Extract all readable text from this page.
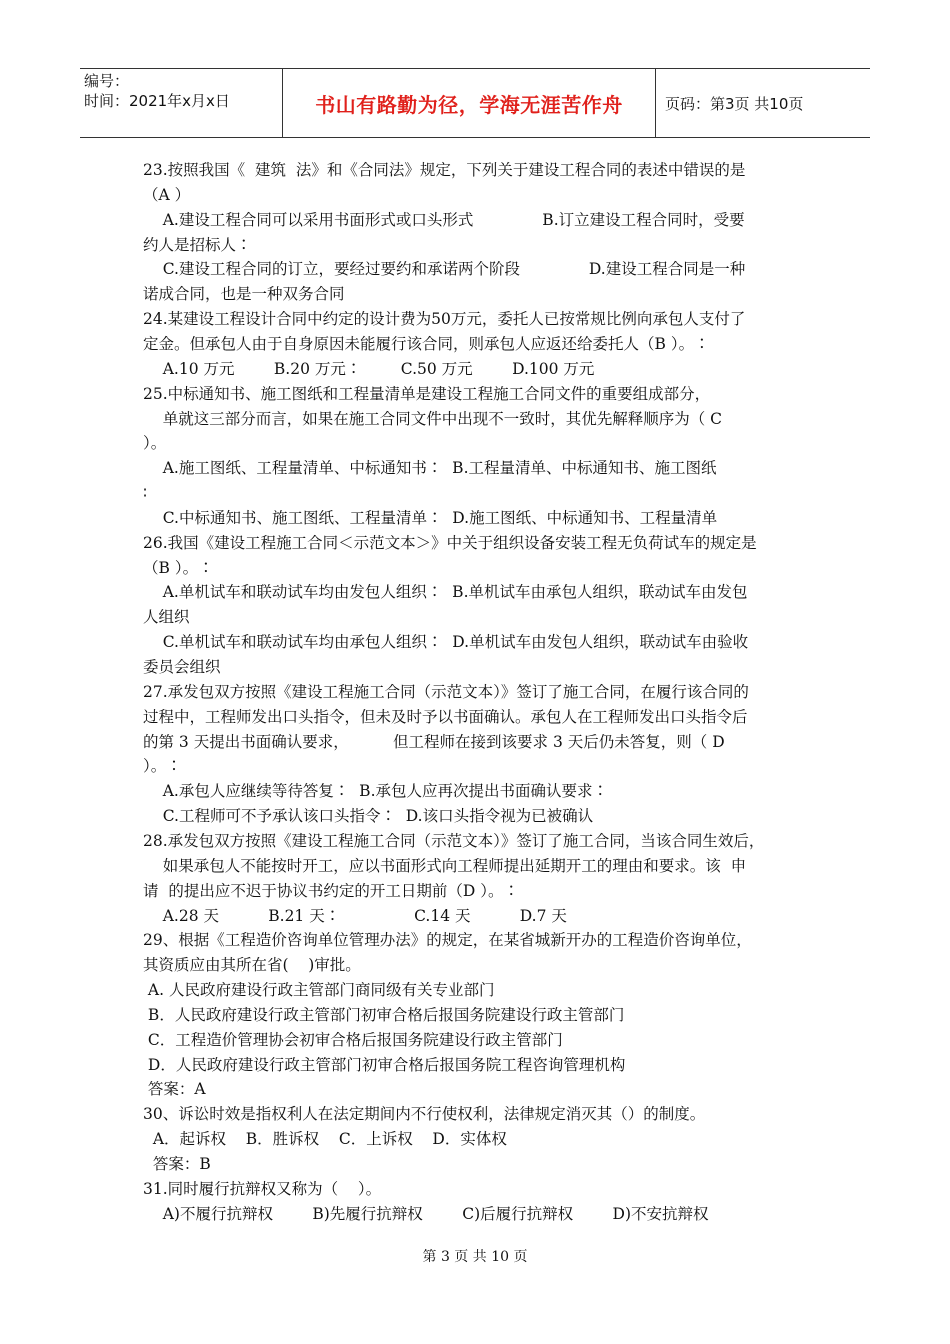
编号：
时间：2021年x月x日	书山有路勤为径，学海无涯苦作舟	页码：第3页 共10页
23.按照我国《  建筑  法》和《合同法》规定，下列关于建设工程合同的表述中错误的是
（A ）
A.建设工程合同可以采用书面形式或口头形式              B.订立建设工程合同时，受要
约人是招标人∶
C.建设工程合同的订立，要经过要约和承诺两个阶段              D.建设工程合同是一种
诺成合同，也是一种双务合同
24.某建设工程设计合同中约定的设计费为50万元，委托人已按常规比例向承包人支付了
定金。但承包人由于自身原因未能履行该合同，则承包人应返还给委托人（B ）。∶
A.10 万元        B.20 万元∶        C.50 万元        D.100 万元
25.中标通知书、施工图纸和工程量清单是建设工程施工合同文件的重要组成部分，
单就这三部分而言，如果在施工合同文件中出现不一致时，其优先解释顺序为（ C
）。
A.施工图纸、工程量清单、中标通知书∶  B.工程量清单、中标通知书、施工图纸
∶
C.中标通知书、施工图纸、工程量清单∶  D.施工图纸、中标通知书、工程量清单
26.我国《建设工程施工合同＜示范文本＞》中关于组织设备安装工程无负荷试车的规定是
（B ）。∶
A.单机试车和联动试车均由发包人组织∶  B.单机试车由承包人组织，联动试车由发包
人组织
C.单机试车和联动试车均由承包人组织∶  D.单机试车由发包人组织，联动试车由验收
委员会组织
27.承发包双方按照《建设工程施工合同（示范文本）》签订了施工合同，在履行该合同的
过程中，工程师发出口头指令，但未及时予以书面确认。承包人在工程师发出口头指令后
的第 3 天提出书面确认要求，         但工程师在接到该要求 3 天后仍未答复，则（ D
）。∶
A.承包人应继续等待答复∶  B.承包人应再次提出书面确认要求∶
C.工程师可不予承认该口头指令∶  D.该口头指令视为已被确认
28.承发包双方按照《建设工程施工合同（示范文本）》签订了施工合同，当该合同生效后，
如果承包人不能按时开工，应以书面形式向工程师提出延期开工的理由和要求。该  申
请  的提出应不迟于协议书约定的开工日期前（D ）。∶
A.28 天          B.21 天∶               C.14 天          D.7 天
29、根据《工程造价咨询单位管理办法》的规定，在某省城新开办的工程造价咨询单位，
其资质应由其所在省(    )审批。
A. 人民政府建设行政主管部门商同级有关专业部门
B．人民政府建设行政主管部门初审合格后报国务院建设行政主管部门
C．工程造价管理协会初审合格后报国务院建设行政主管部门
D．人民政府建设行政主管部门初审合格后报国务院工程咨询管理机构
答案：A
30、诉讼时效是指权利人在法定期间内不行使权利，法律规定消灭其（）的制度。
A．起诉权    B．胜诉权    C．上诉权    D．实体权
答案：B
31.同时履行抗辩权又称为（    ）。
A)不履行抗辩权        B)先履行抗辩权        C)后履行抗辩权        D)不安抗辩权
第 3 页 共 10 页
